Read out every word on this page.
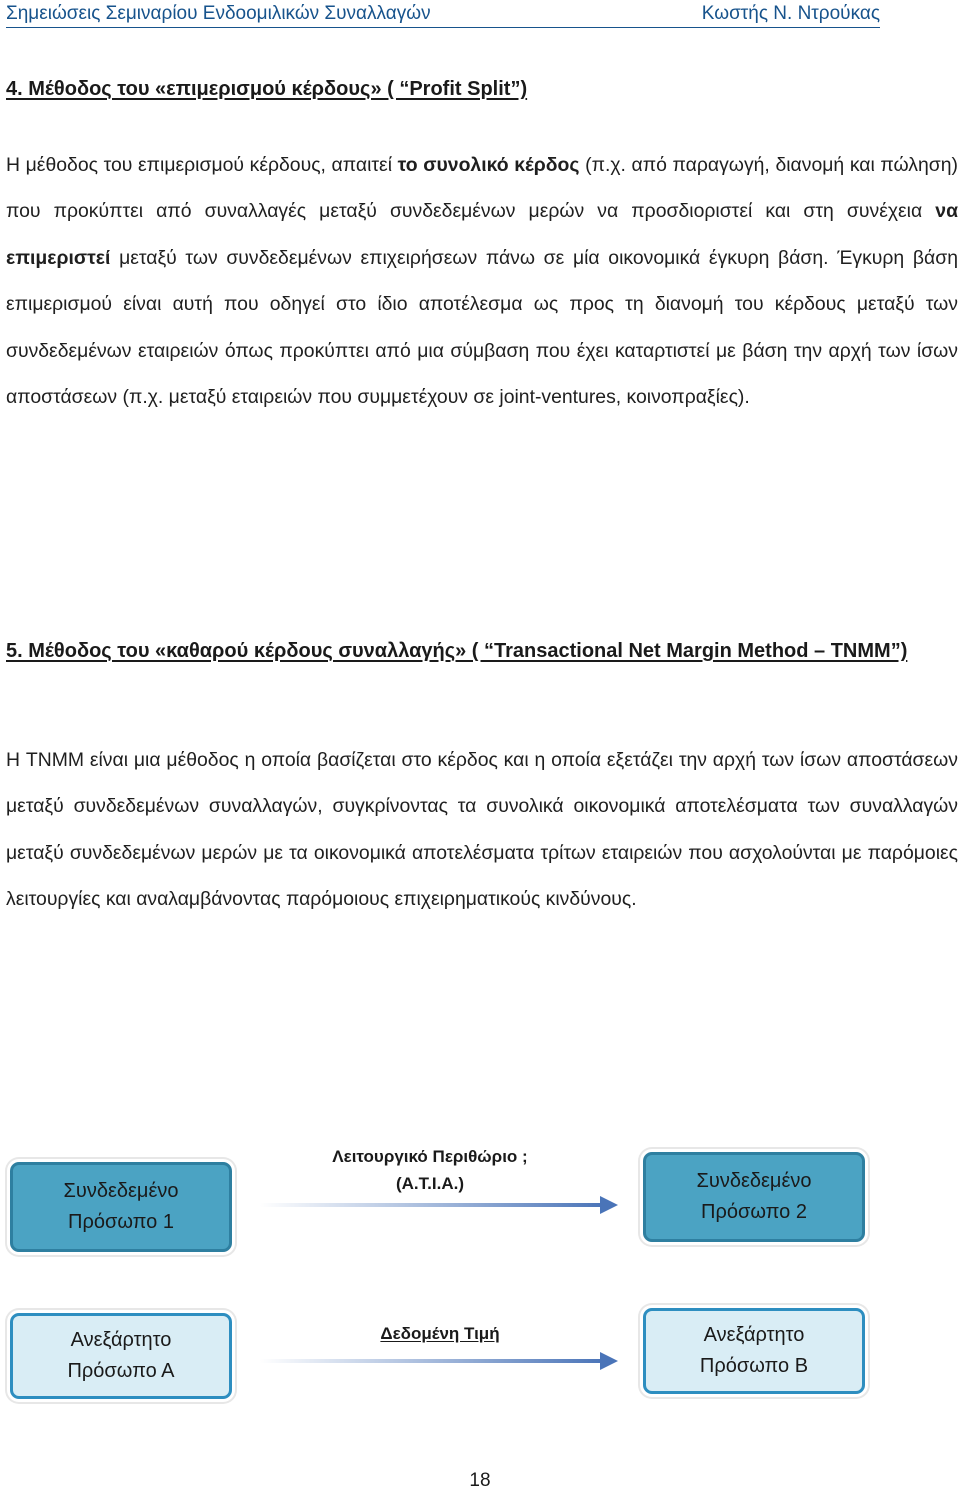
Σημειώσεις Σεμιναρίου Ενδοομιλικών Συναλλαγών	Κωστής Ν. Ντρούκας
4. Μέθοδος του «επιμερισμού κέρδους» ( “Profit Split”)

Η μέθοδος του επιμερισμού κέρδους, απαιτεί το συνολικό κέρδος (π.χ. από παραγωγή, διανομή και πώληση) που προκύπτει από συναλλαγές μεταξύ συνδεδεμένων μερών να προσδιοριστεί και στη συνέχεια να επιμεριστεί μεταξύ των συνδεδεμένων επιχειρήσεων πάνω σε μία οικονομικά έγκυρη βάση. Έγκυρη βάση επιμερισμού είναι αυτή που οδηγεί στο ίδιο αποτέλεσμα ως προς τη διανομή του κέρδους μεταξύ των συνδεδεμένων εταιρειών όπως προκύπτει από μια σύμβαση που έχει καταρτιστεί με βάση την αρχή των ίσων αποστάσεων (π.χ. μεταξύ εταιρειών που συμμετέχουν σε joint-ventures, κοινοπραξίες).

5. Μέθοδος του «καθαρού κέρδους συναλλαγής» ( “Transactional Net Margin Method – TNMM”)

Η TNMM είναι μια μέθοδος η οποία βασίζεται στο κέρδος και η οποία εξετάζει την αρχή των ίσων αποστάσεων μεταξύ συνδεδεμένων συναλλαγών, συγκρίνοντας τα συνολικά οικονομικά αποτελέσματα των συναλλαγών μεταξύ συνδεδεμένων μερών με τα οικονομικά αποτελέσματα τρίτων εταιρειών που ασχολούνται με παρόμοιες λειτουργίες και αναλαμβάνοντας παρόμοιους επιχειρηματικούς κινδύνους.

Συνδεδεμένο
Πρόσωπο 1
Λειτουργικό Περιθώριο ;
(Α.Τ.Ι.Α.)	Συνδεδεμένο
Πρόσωπο 2
Ανεξάρτητο
Πρόσωπο Α
Δεδομένη Τιμή	Ανεξάρτητο
Πρόσωπο Β
18
